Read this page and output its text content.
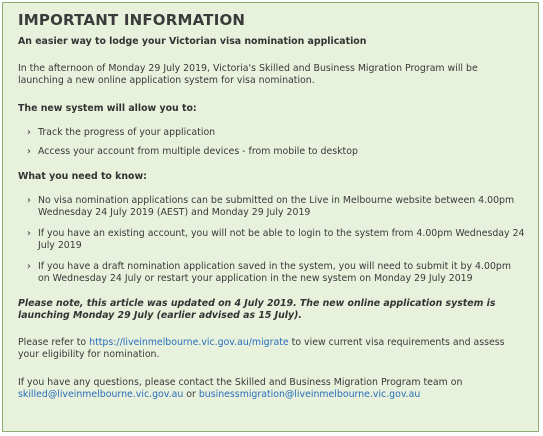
IMPORTANT INFORMATION
An easier way to lodge your Victorian visa nomination application
In the afternoon of Monday 29 July 2019, Victoria's Skilled and Business Migration Program will be launching a new online application system for visa nomination.
The new system will allow you to:
› Track the progress of your application
› Access your account from multiple devices - from mobile to desktop
What you need to know:
› No visa nomination applications can be submitted on the Live in Melbourne website between 4.00pm Wednesday 24 July 2019 (AEST) and Monday 29 July 2019
› If you have an existing account, you will not be able to login to the system from 4.00pm Wednesday 24 July 2019
› If you have a draft nomination application saved in the system, you will need to submit it by 4.00pm on Wednesday 24 July or restart your application in the new system on Monday 29 July 2019
Please note, this article was updated on 4 July 2019. The new online application system is launching Monday 29 July (earlier advised as 15 July).
Please refer to https://liveinmelbourne.vic.gov.au/migrate to view current visa requirements and assess your eligibility for nomination.
If you have any questions, please contact the Skilled and Business Migration Program team on skilled@liveinmelbourne.vic.gov.au or businessmigration@liveinmelbourne.vic.gov.au
